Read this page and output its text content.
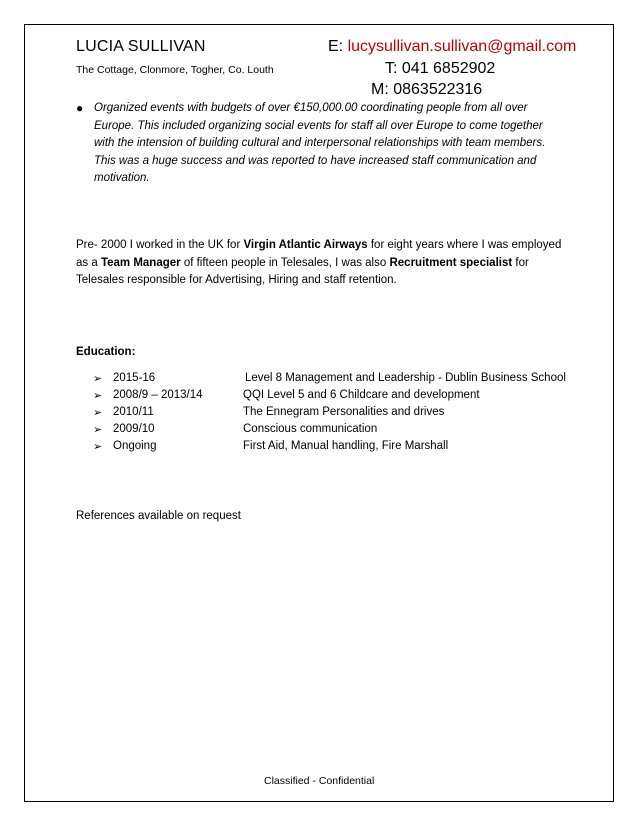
LUCIA SULLIVAN
The Cottage, Clonmore, Togher, Co. Louth
E: lucysullivan.sullivan@gmail.com
T: 041 6852902
M: 0863522316
● Organized events with budgets of over €150,000.00 coordinating people from all over Europe. This included organizing social events for staff all over Europe to come together with the intension of building cultural and interpersonal relationships with team members. This was a huge success and was reported to have increased staff communication and motivation.
Pre- 2000 I worked in the UK for Virgin Atlantic Airways for eight years where I was employed as a Team Manager of fifteen people in Telesales, I was also Recruitment specialist for Telesales responsible for Advertising, Hiring and staff retention.
Education:
➢ 2015-16	Level 8 Management and Leadership - Dublin Business School
➢ 2008/9 – 2013/14	QQI Level 5 and 6 Childcare and development
➢ 2010/11	The Ennegram Personalities and drives
➢ 2009/10	Conscious communication
➢ Ongoing	First Aid, Manual handling, Fire Marshall
References available on request
Classified - Confidential
